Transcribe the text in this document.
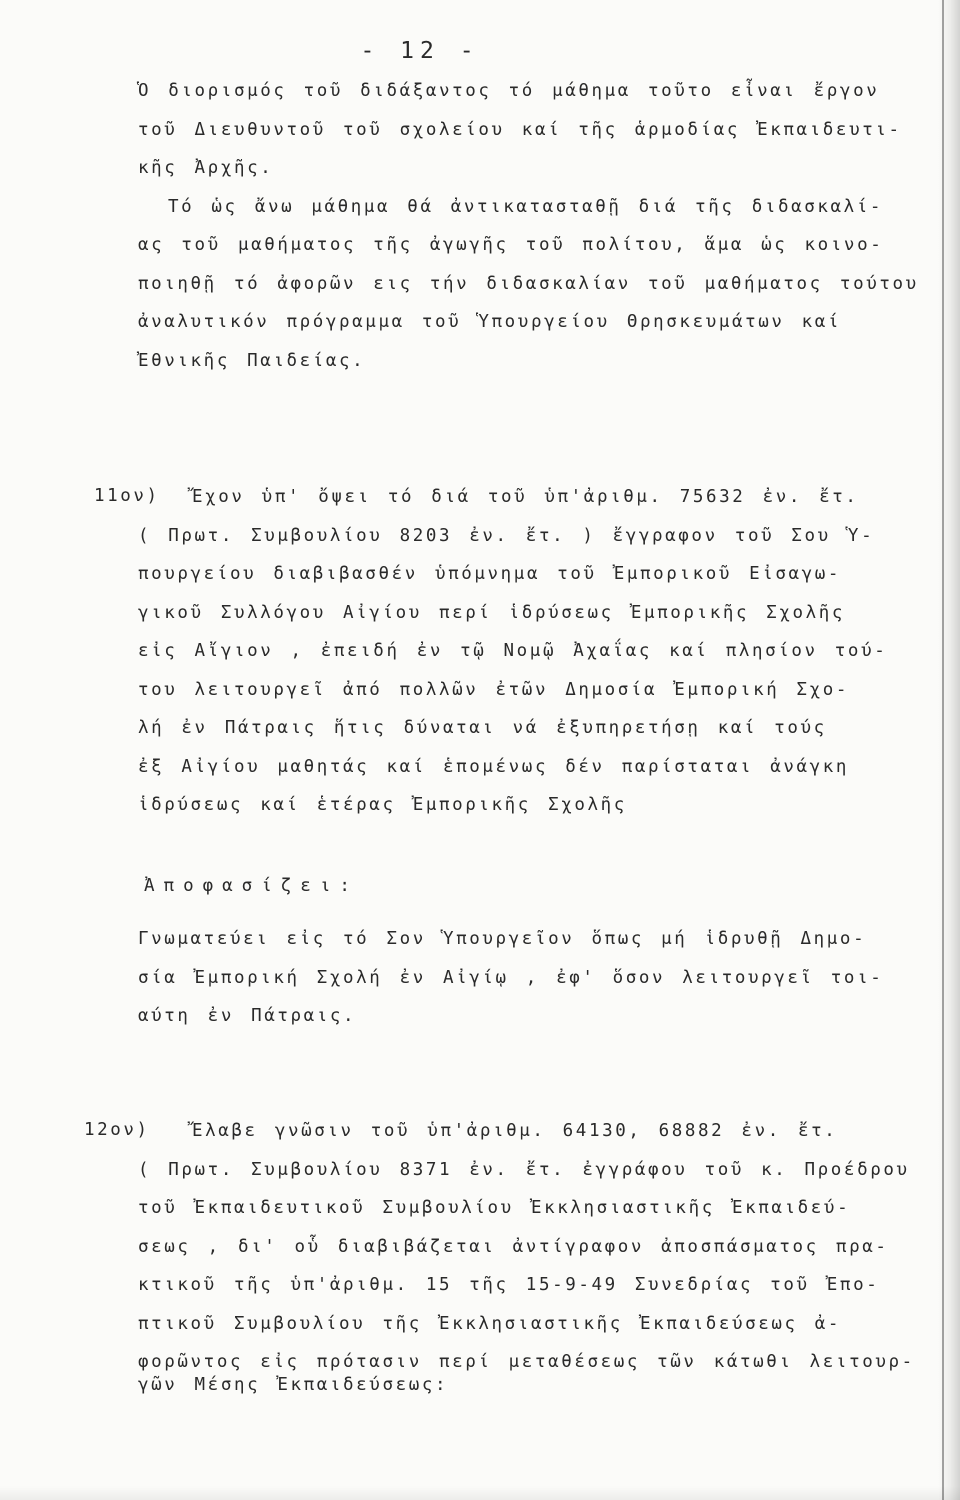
- 12 -
Ὁ διορισμός τοῦ διδάξαντος τό μάθημα τοῦτο εἶναι ἔργον
τοῦ Διευθυντοῦ τοῦ σχολείου καί τῆς ἁρμοδίας Ἐκπαιδευτι-
κῆς Ἀρχῆς.
Τό ὡς ἄνω μάθημα θά ἀντικατασταθῇ διά τῆς διδασκαλί-
ας τοῦ μαθήματος τῆς ἀγωγῆς τοῦ πολίτου, ἅμα ὡς κοινο-
ποιηθῇ τό ἀφορῶν εις τήν διδασκαλίαν τοῦ μαθήματος τούτου
ἀναλυτικόν πρόγραμμα τοῦ Ὑπουργείου Θρησκευμάτων καί
Ἐθνικῆς Παιδείας.
11ον)	Ἔχον ὑπ' ὄψει τό διά τοῦ ὑπ'ἀριθμ. 75632 ἐν. ἔτ.
( Πρωτ. Συμβουλίου 8203 ἐν. ἔτ. ) ἔγγραφον τοῦ Σου Ὑ-
πουργείου διαβιβασθέν ὑπόμνημα τοῦ Ἐμπορικοῦ Εἰσαγω-
γικοῦ Συλλόγου Αἰγίου περί ἱδρύσεως Ἐμπορικῆς Σχολῆς
εἰς Αἴγιον , ἐπειδή ἐν τῷ Νομῷ Ἀχαΐας καί πλησίον τού-
του λειτουργεῖ ἀπό πολλῶν ἐτῶν Δημοσία Ἐμπορική Σχο-
λή ἐν Πάτραις ἥτις δύναται νά ἐξυπηρετήσῃ καί τούς
ἐξ Αἰγίου μαθητάς καί ἑπομένως δέν παρίσταται ἀνάγκη
ἱδρύσεως καί ἑτέρας Ἐμπορικῆς Σχολῆς
Ἀποφασίζει:
Γνωματεύει εἰς τό Σον Ὑπουργεῖον ὅπως μή ἱδρυθῇ Δημο-
σία Ἐμπορική Σχολή ἐν Αἰγίῳ , ἐφ' ὅσον λειτουργεῖ τοι-
αύτη ἐν Πάτραις.
12ον)	Ἔλαβε γνῶσιν τοῦ ὑπ'ἀριθμ. 64130, 68882 ἐν. ἔτ.
( Πρωτ. Συμβουλίου 8371 ἐν. ἔτ. ἐγγράφου τοῦ κ. Προέδρου
τοῦ Ἐκπαιδευτικοῦ Συμβουλίου Ἐκκλησιαστικῆς Ἐκπαιδεύ-
σεως , δι' οὗ διαβιβάζεται ἀντίγραφον ἀποσπάσματος πρα-
κτικοῦ τῆς ὑπ'ἀριθμ. 15 τῆς 15-9-49 Συνεδρίας τοῦ Ἐπο-
πτικοῦ Συμβουλίου τῆς Ἐκκλησιαστικῆς Ἐκπαιδεύσεως ἀ-
φορῶντος εἰς πρότασιν περί μεταθέσεως τῶν κάτωθι λειτουρ-
γῶν Μέσης Ἐκπαιδεύσεως:
